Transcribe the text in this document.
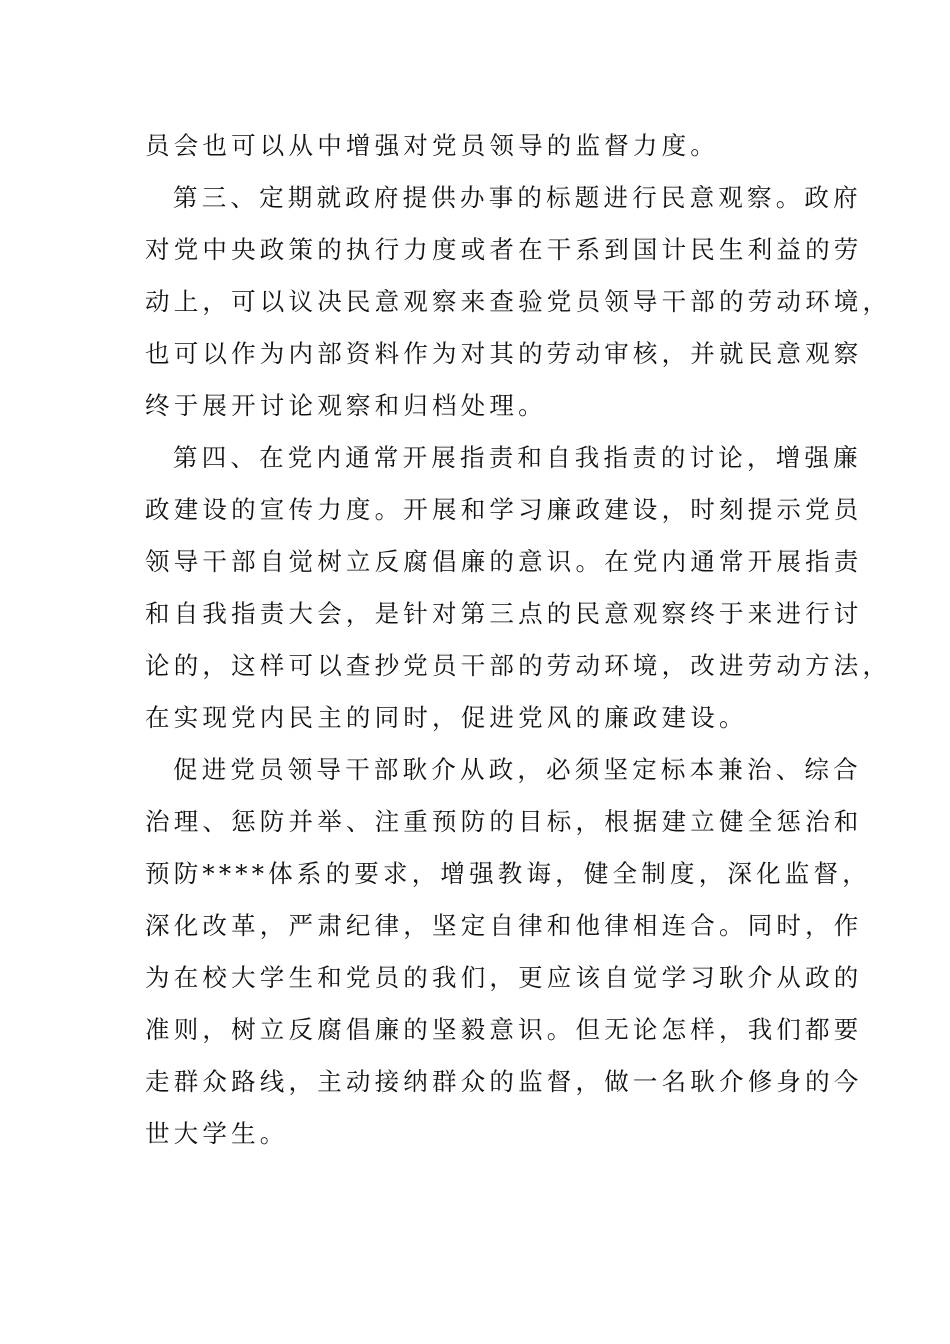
员会也可以从中增强对党员领导的监督力度。
第三、定期就政府提供办事的标题进行民意观察。政府
对党中央政策的执行力度或者在干系到国计民生利益的劳
动上，可以议决民意观察来查验党员领导干部的劳动环境，
也可以作为内部资料作为对其的劳动审核，并就民意观察
终于展开讨论观察和归档处理。
第四、在党内通常开展指责和自我指责的讨论，增强廉
政建设的宣传力度。开展和学习廉政建设，时刻提示党员
领导干部自觉树立反腐倡廉的意识。在党内通常开展指责
和自我指责大会，是针对第三点的民意观察终于来进行讨
论的，这样可以查抄党员干部的劳动环境，改进劳动方法，
在实现党内民主的同时，促进党风的廉政建设。
促进党员领导干部耿介从政，必须坚定标本兼治、综合
治理、惩防并举、注重预防的目标，根据建立健全惩治和
预防****体系的要求，增强教诲，健全制度，深化监督，
深化改革，严肃纪律，坚定自律和他律相连合。同时，作
为在校大学生和党员的我们，更应该自觉学习耿介从政的
准则，树立反腐倡廉的坚毅意识。但无论怎样，我们都要
走群众路线，主动接纳群众的监督，做一名耿介修身的今
世大学生。
